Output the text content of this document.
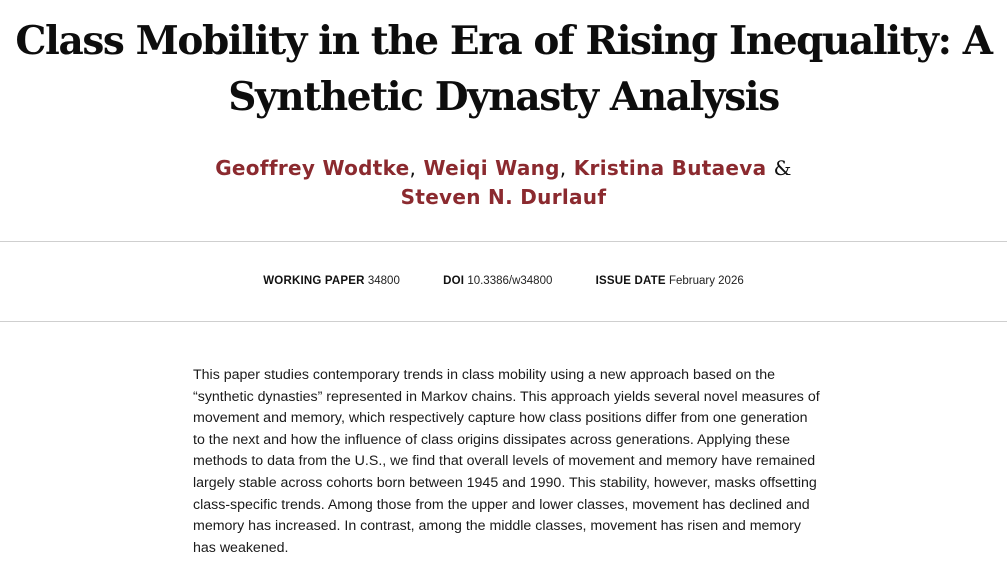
Class Mobility in the Era of Rising Inequality: A Synthetic Dynasty Analysis
Geoffrey Wodtke, Weiqi Wang, Kristina Butaeva &
Steven N. Durlauf
WORKING PAPER 34800	DOI 10.3386/w34800	ISSUE DATE February 2026

This paper studies contemporary trends in class mobility using a new approach based on the “synthetic dynasties” represented in Markov chains. This approach yields several novel measures of movement and memory, which respectively capture how class positions differ from one generation to the next and how the influence of class origins dissipates across generations. Applying these methods to data from the U.S., we find that overall levels of movement and memory have remained largely stable across cohorts born between 1945 and 1990. This stability, however, masks offsetting class-specific trends. Among those from the upper and lower classes, movement has declined and memory has increased. In contrast, among the middle classes, movement has risen and memory has weakened.
